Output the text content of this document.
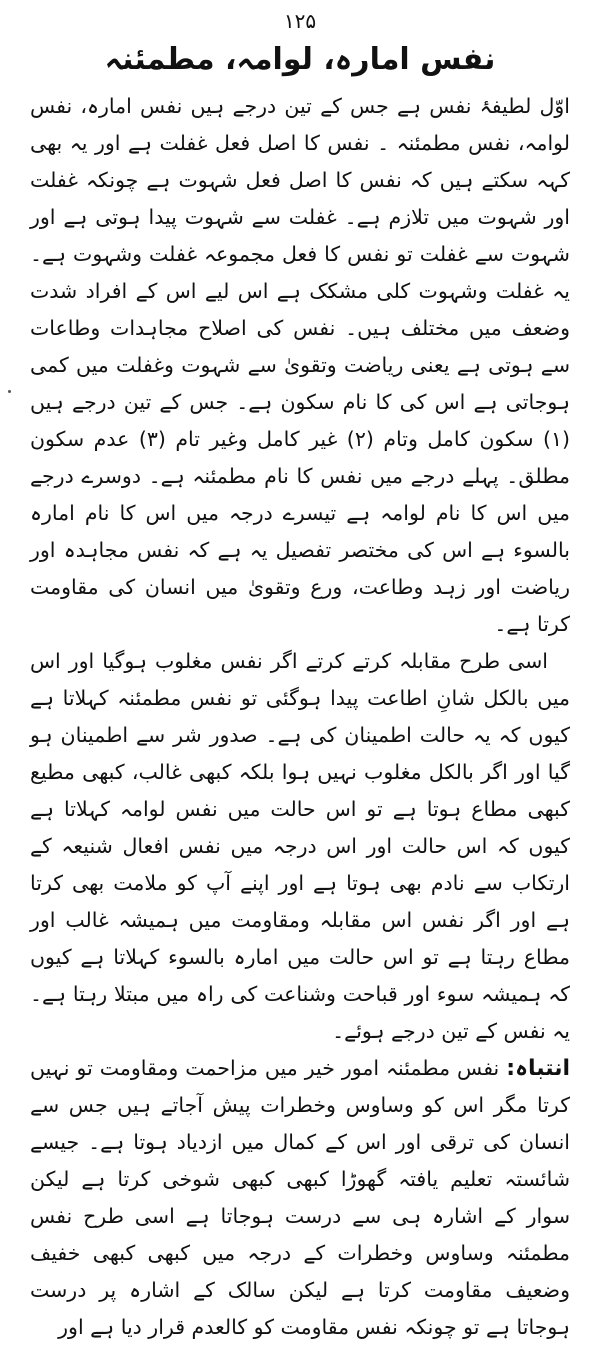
۱۲۵

نفس امارہ، لوامہ، مطمئنہ

اوّل لطیفۂ نفس ہے جس کے تین درجے ہیں نفس امارہ، نفس لوامہ، نفس مطمئنہ ۔ نفس کا اصل فعل غفلت ہے اور یہ بھی کہہ سکتے ہیں کہ نفس کا اصل فعل شہوت ہے چونکہ غفلت اور شہوت میں تلازم ہے۔ غفلت سے شہوت پیدا ہوتی ہے اور شہوت سے غفلت تو نفس کا فعل مجموعہ غفلت وشہوت ہے۔ یہ غفلت وشہوت کلی مشکک ہے اس لیے اس کے افراد شدت وضعف میں مختلف ہیں۔ نفس کی اصلاح مجاہدات وطاعات سے ہوتی ہے یعنی ریاضت وتقویٰ سے شہوت وغفلت میں کمی ہوجاتی ہے اس کی کا نام سکون ہے۔ جس کے تین درجے ہیں (۱) سکون کامل وتام (۲) غیر کامل وغیر تام (۳) عدم سکون مطلق۔ پہلے درجے میں نفس کا نام مطمئنہ ہے۔ دوسرے درجے میں اس کا نام لوامہ ہے تیسرے درجہ میں اس کا نام امارہ بالسوء ہے اس کی مختصر تفصیل یہ ہے کہ نفس مجاہدہ اور ریاضت اور زہد وطاعت، ورع وتقویٰ میں انسان کی مقاومت کرتا ہے۔

اسی طرح مقابلہ کرتے کرتے اگر نفس مغلوب ہوگیا اور اس میں بالکل شانِ اطاعت پیدا ہوگئی تو نفس مطمئنہ کہلاتا ہے کیوں کہ یہ حالت اطمینان کی ہے۔ صدور شر سے اطمینان ہو گیا اور اگر بالکل مغلوب نہیں ہوا بلکہ کبھی غالب، کبھی مطیع کبھی مطاع ہوتا ہے تو اس حالت میں نفس لوامہ کہلاتا ہے کیوں کہ اس حالت اور اس درجہ میں نفس افعال شنیعہ کے ارتکاب سے نادم بھی ہوتا ہے اور اپنے آپ کو ملامت بھی کرتا ہے اور اگر نفس اس مقابلہ ومقاومت میں ہمیشہ غالب اور مطاع رہتا ہے تو اس حالت میں امارہ بالسوء کہلاتا ہے کیوں کہ ہمیشہ سوء اور قباحت وشناعت کی راہ میں مبتلا رہتا ہے۔ یہ نفس کے تین درجے ہوئے۔

انتباہ: نفس مطمئنہ امور خیر میں مزاحمت ومقاومت تو نہیں کرتا مگر اس کو وساوس وخطرات پیش آجاتے ہیں جس سے انسان کی ترقی اور اس کے کمال میں ازدیاد ہوتا ہے۔ جیسے شائستہ تعلیم یافتہ گھوڑا کبھی کبھی شوخی کرتا ہے لیکن سوار کے اشارہ ہی سے درست ہوجاتا ہے اسی طرح نفس مطمئنہ وساوس وخطرات کے درجہ میں کبھی کبھی خفیف وضعیف مقاومت کرتا ہے لیکن سالک کے اشارہ پر درست ہوجاتا ہے تو چونکہ نفس مقاومت کو کالعدم قرار دیا ہے اور
